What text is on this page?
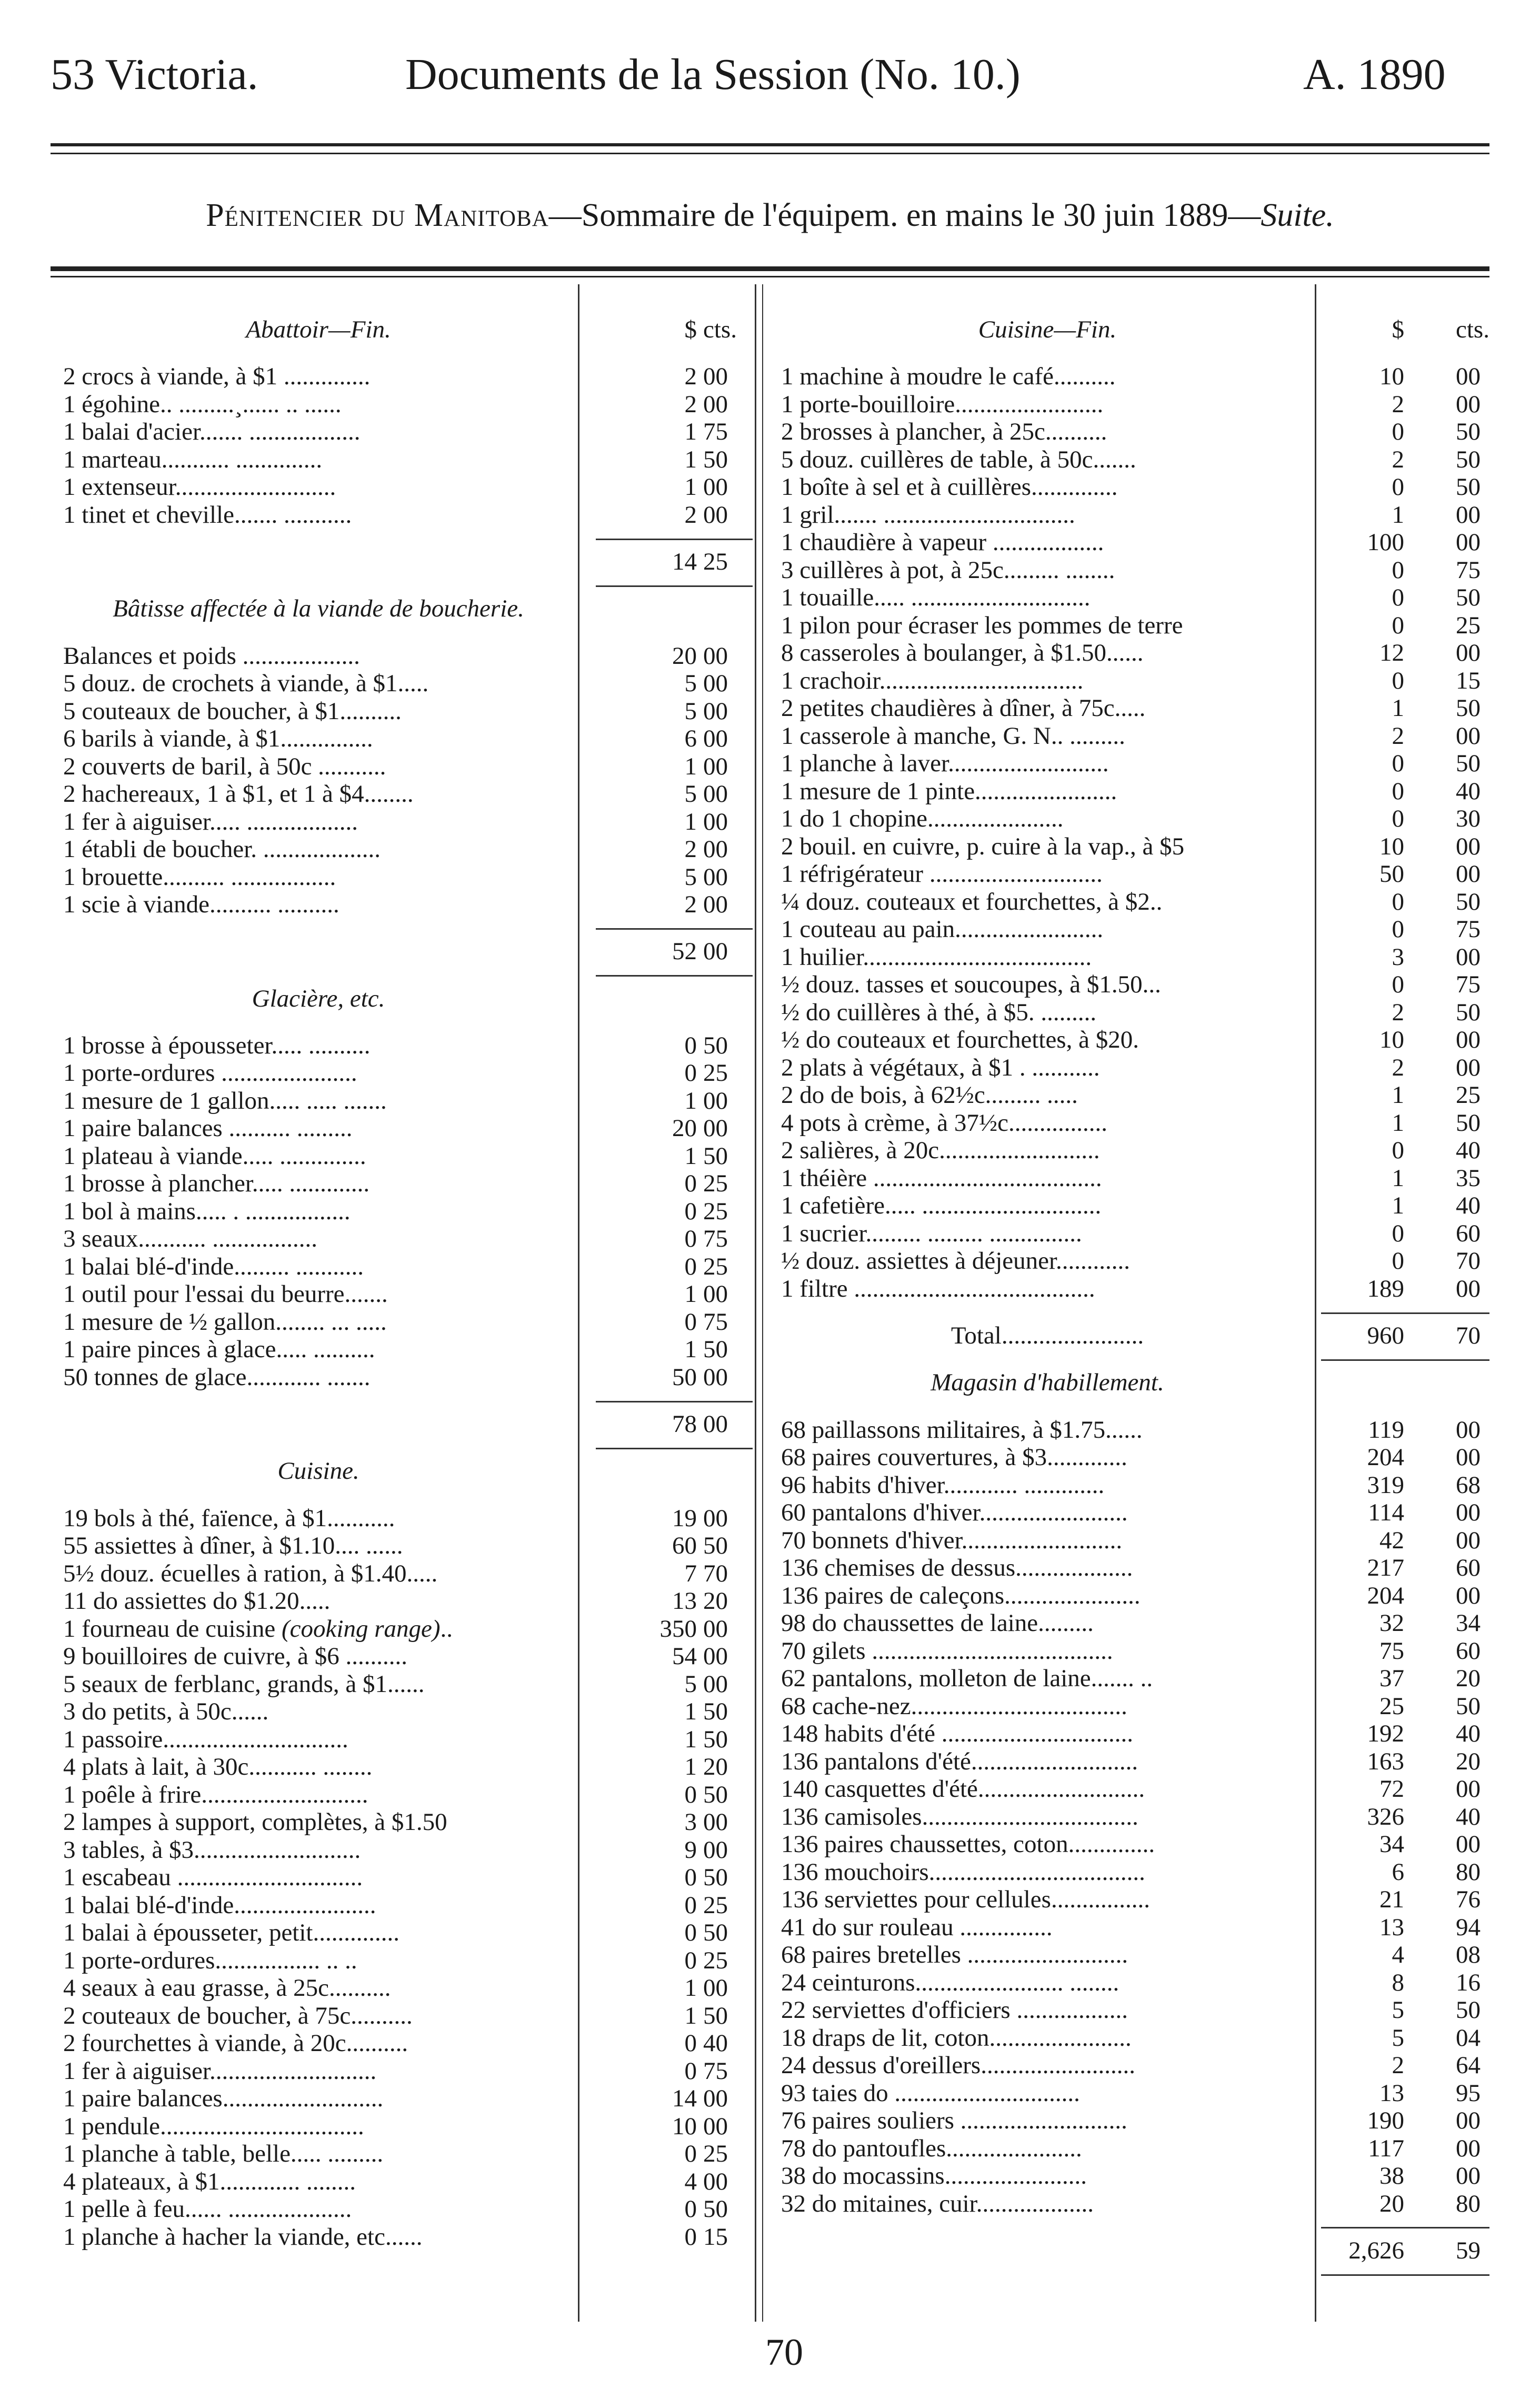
53 Victoria.	Documents de la Session (No. 10.)	A. 1890
Pénitencier du Manitoba—Sommaire de l'équipem. en mains le 30 juin 1889—Suite.
Abattoir—Fin.	$ cts.
2 crocs à viande, à $1 ..............	2 00
1 égohine.. .........¸...... .. ......	2 00
1 balai d'acier....... ..................	1 75
1 marteau........... ..............	1 50
1 extenseur..........................	1 00
1 tinet et cheville....... ...........	2 00
14 25
Bâtisse affectée à la viande de boucherie.
Balances et poids ...................	20 00
5 douz. de crochets à viande, à $1.....	5 00
5 couteaux de boucher, à $1..........	5 00
6 barils à viande, à $1...............	6 00
2 couverts de baril, à 50c ...........	1 00
2 hachereaux, 1 à $1, et 1 à $4........	5 00
1 fer à aiguiser..... ..................	1 00
1 établi de boucher. ...................	2 00
1 brouette.......... .................	5 00
1 scie à viande.......... ..........	2 00
52 00
Glacière, etc.
1 brosse à épousseter..... ..........	0 50
1 porte-ordures ......................	0 25
1 mesure de 1 gallon..... ..... .......	1 00
1 paire balances .......... .........	20 00
1 plateau à viande..... ..............	1 50
1 brosse à plancher..... .............	0 25
1 bol à mains..... . .................	0 25
3 seaux........... .................	0 75
1 balai blé-d'inde......... ...........	0 25
1 outil pour l'essai du beurre.......	1 00
1 mesure de ½ gallon........ ... .....	0 75
1 paire pinces à glace..... ..........	1 50
50 tonnes de glace............ .......	50 00
78 00
Cuisine.
19 bols à thé, faïence, à $1...........	19 00
55 assiettes à dîner, à $1.10.... ......	60 50
5½ douz. écuelles à ration, à $1.40.....	7 70
11 do assiettes do $1.20.....	13 20
1 fourneau de cuisine (cooking range)..	350 00
9 bouilloires de cuivre, à $6 ..........	54 00
5 seaux de ferblanc, grands, à $1......	5 00
3 do petits, à 50c......	1 50
1 passoire..............................	1 50
4 plats à lait, à 30c........... ........	1 20
1 poêle à frire...........................	0 50
2 lampes à support, complètes, à $1.50	3 00
3 tables, à $3...........................	9 00
1 escabeau ..............................	0 50
1 balai blé-d'inde.......................	0 25
1 balai à épousseter, petit..............	0 50
1 porte-ordures................. .. ..	0 25
4 seaux à eau grasse, à 25c..........	1 00
2 couteaux de boucher, à 75c..........	1 50
2 fourchettes à viande, à 20c..........	0 40
1 fer à aiguiser...........................	0 75
1 paire balances..........................	14 00
1 pendule.................................	10 00
1 planche à table, belle..... .........	0 25
4 plateaux, à $1............. ........	4 00
1 pelle à feu...... ....................	0 50
1 planche à hacher la viande, etc......	0 15
Cuisine—Fin.	$ cts.
1 machine à moudre le café..........	10 00
1 porte-bouilloire........................	2 00
2 brosses à plancher, à 25c..........	0 50
5 douz. cuillères de table, à 50c.......	2 50
1 boîte à sel et à cuillères..............	0 50
1 gril....... ...............................	1 00
1 chaudière à vapeur ..................	100 00
3 cuillères à pot, à 25c......... ........	0 75
1 touaille..... .............................	0 50
1 pilon pour écraser les pommes de terre	0 25
8 casseroles à boulanger, à $1.50......	12 00
1 crachoir.................................	0 15
2 petites chaudières à dîner, à 75c.....	1 50
1 casserole à manche, G. N.. .........	2 00
1 planche à laver..........................	0 50
1 mesure de 1 pinte.......................	0 40
1 do 1 chopine......................	0 30
2 bouil. en cuivre, p. cuire à la vap., à $5	10 00
1 réfrigérateur ............................	50 00
¼ douz. couteaux et fourchettes, à $2..	0 50
1 couteau au pain........................	0 75
1 huilier.....................................	3 00
½ douz. tasses et soucoupes, à $1.50...	0 75
½ do cuillères à thé, à $5. .........	2 50
½ do couteaux et fourchettes, à $20.	10 00
2 plats à végétaux, à $1 . ...........	2 00
2 do de bois, à 62½c......... .....	1 25
4 pots à crème, à 37½c................	1 50
2 salières, à 20c..........................	0 40
1 théière .....................................	1 35
1 cafetière..... .............................	1 40
1 sucrier......... ......... ...............	0 60
½ douz. assiettes à déjeuner............	0 70
1 filtre .......................................	189 00
Total.......................	960 70
Magasin d'habillement.
68 paillassons militaires, à $1.75......	119 00
68 paires couvertures, à $3.............	204 00
96 habits d'hiver............ .............	319 68
60 pantalons d'hiver........................	114 00
70 bonnets d'hiver..........................	42 00
136 chemises de dessus...................	217 60
136 paires de caleçons......................	204 00
98 do chaussettes de laine.........	32 34
70 gilets .......................................	75 60
62 pantalons, molleton de laine....... ..	37 20
68 cache-nez...................................	25 50
148 habits d'été ...............................	192 40
136 pantalons d'été...........................	163 20
140 casquettes d'été...........................	72 00
136 camisoles...................................	326 40
136 paires chaussettes, coton..............	34 00
136 mouchoirs...................................	6 80
136 serviettes pour cellules................	21 76
41 do sur rouleau ...............	13 94
68 paires bretelles ..........................	4 08
24 ceinturons........................ ........	8 16
22 serviettes d'officiers ..................	5 50
18 draps de lit, coton.......................	5 04
24 dessus d'oreillers.........................	2 64
93 taies do ..............................	13 95
76 paires souliers ...........................	190 00
78 do pantoufles......................	117 00
38 do mocassins.......................	38 00
32 do mitaines, cuir...................	20 80
2,626 59
70
